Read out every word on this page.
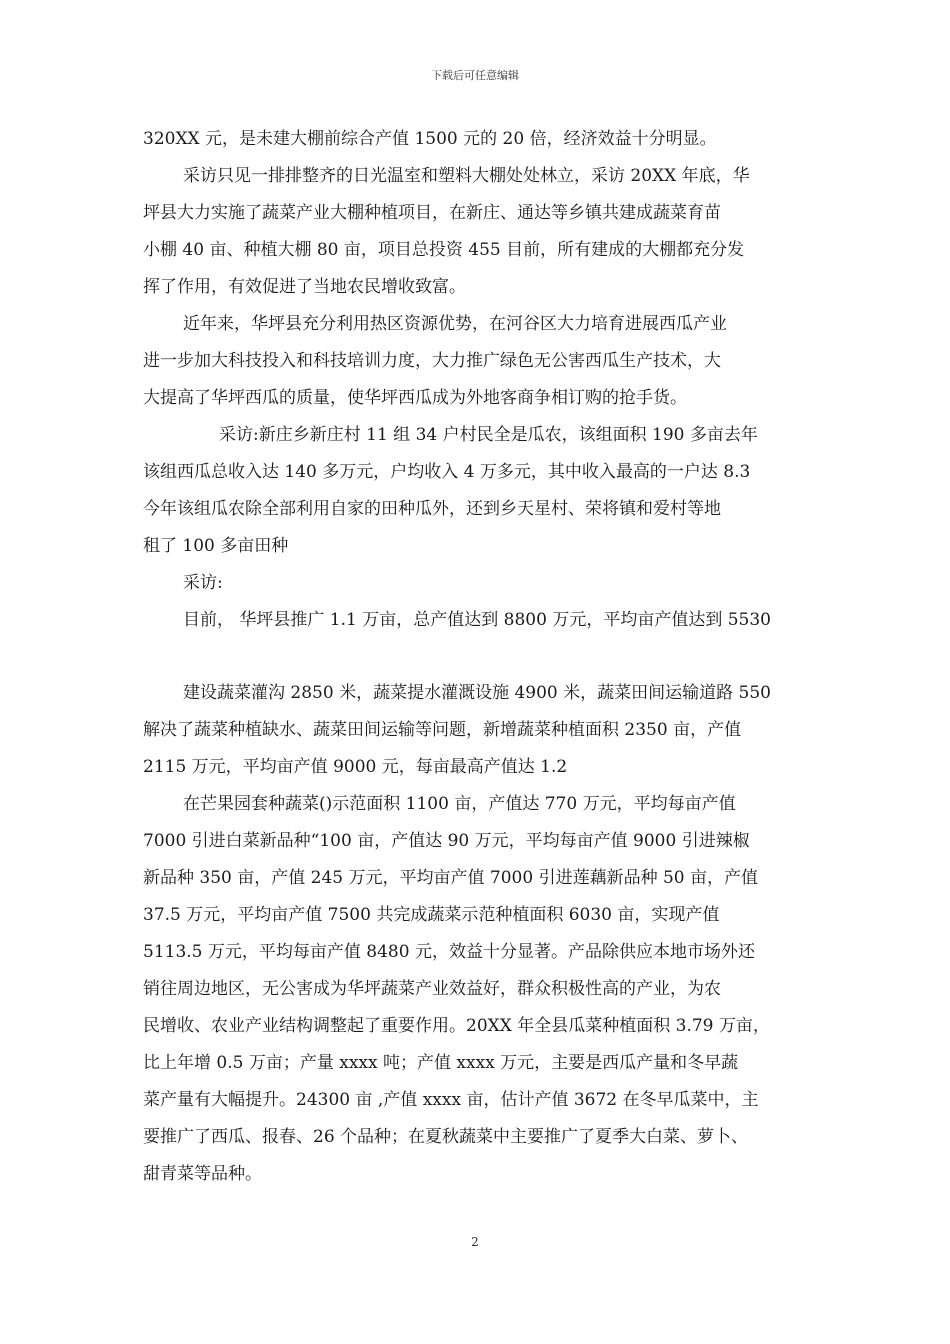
下载后可任意编辑
320XX 元，是未建大棚前综合产值 1500 元的 20 倍，经济效益十分明显。
采访只见一排排整齐的日光温室和塑料大棚处处林立，采访 20XX 年底，华
坪县大力实施了蔬菜产业大棚种植项目，在新庄、通达等乡镇共建成蔬菜育苗
小棚 40 亩、种植大棚 80 亩，项目总投资 455 目前，所有建成的大棚都充分发
挥了作用，有效促进了当地农民增收致富。
近年来，华坪县充分利用热区资源优势，在河谷区大力培育进展西瓜产业
进一步加大科技投入和科技培训力度，大力推广绿色无公害西瓜生产技术，大
大提高了华坪西瓜的质量，使华坪西瓜成为外地客商争相订购的抢手货。
采访:新庄乡新庄村 11 组 34 户村民全是瓜农，该组面积 190 多亩去年
该组西瓜总收入达 140 多万元，户均收入 4 万多元，其中收入最高的一户达 8.3
今年该组瓜农除全部利用自家的田种瓜外，还到乡天星村、荣将镇和爱村等地
租了 100 多亩田种
采访:
目前， 华坪县推广 1.1 万亩，总产值达到 8800 万元，平均亩产值达到 5530
建设蔬菜灌沟 2850 米，蔬菜提水灌溉设施 4900 米，蔬菜田间运输道路 550
解决了蔬菜种植缺水、蔬菜田间运输等问题，新增蔬菜种植面积 2350 亩，产值
2115 万元，平均亩产值 9000 元，每亩最高产值达 1.2
在芒果园套种蔬菜()示范面积 1100 亩，产值达 770 万元，平均每亩产值
7000 引进白菜新品种“100 亩，产值达 90 万元，平均每亩产值 9000 引进辣椒
新品种 350 亩，产值 245 万元，平均亩产值 7000 引进莲藕新品种 50 亩，产值
37.5 万元，平均亩产值 7500 共完成蔬菜示范种植面积 6030 亩，实现产值
5113.5 万元，平均每亩产值 8480 元，效益十分显著。产品除供应本地市场外还
销往周边地区，无公害成为华坪蔬菜产业效益好，群众积极性高的产业，为农
民增收、农业产业结构调整起了重要作用。20XX 年全县瓜菜种植面积 3.79 万亩，
比上年增 0.5 万亩；产量 xxxx 吨；产值 xxxx 万元，主要是西瓜产量和冬早蔬
菜产量有大幅提升。24300 亩 ,产值 xxxx 亩，估计产值 3672 在冬早瓜菜中，主
要推广了西瓜、报春、26 个品种；在夏秋蔬菜中主要推广了夏季大白菜、萝卜、
甜青菜等品种。
2
